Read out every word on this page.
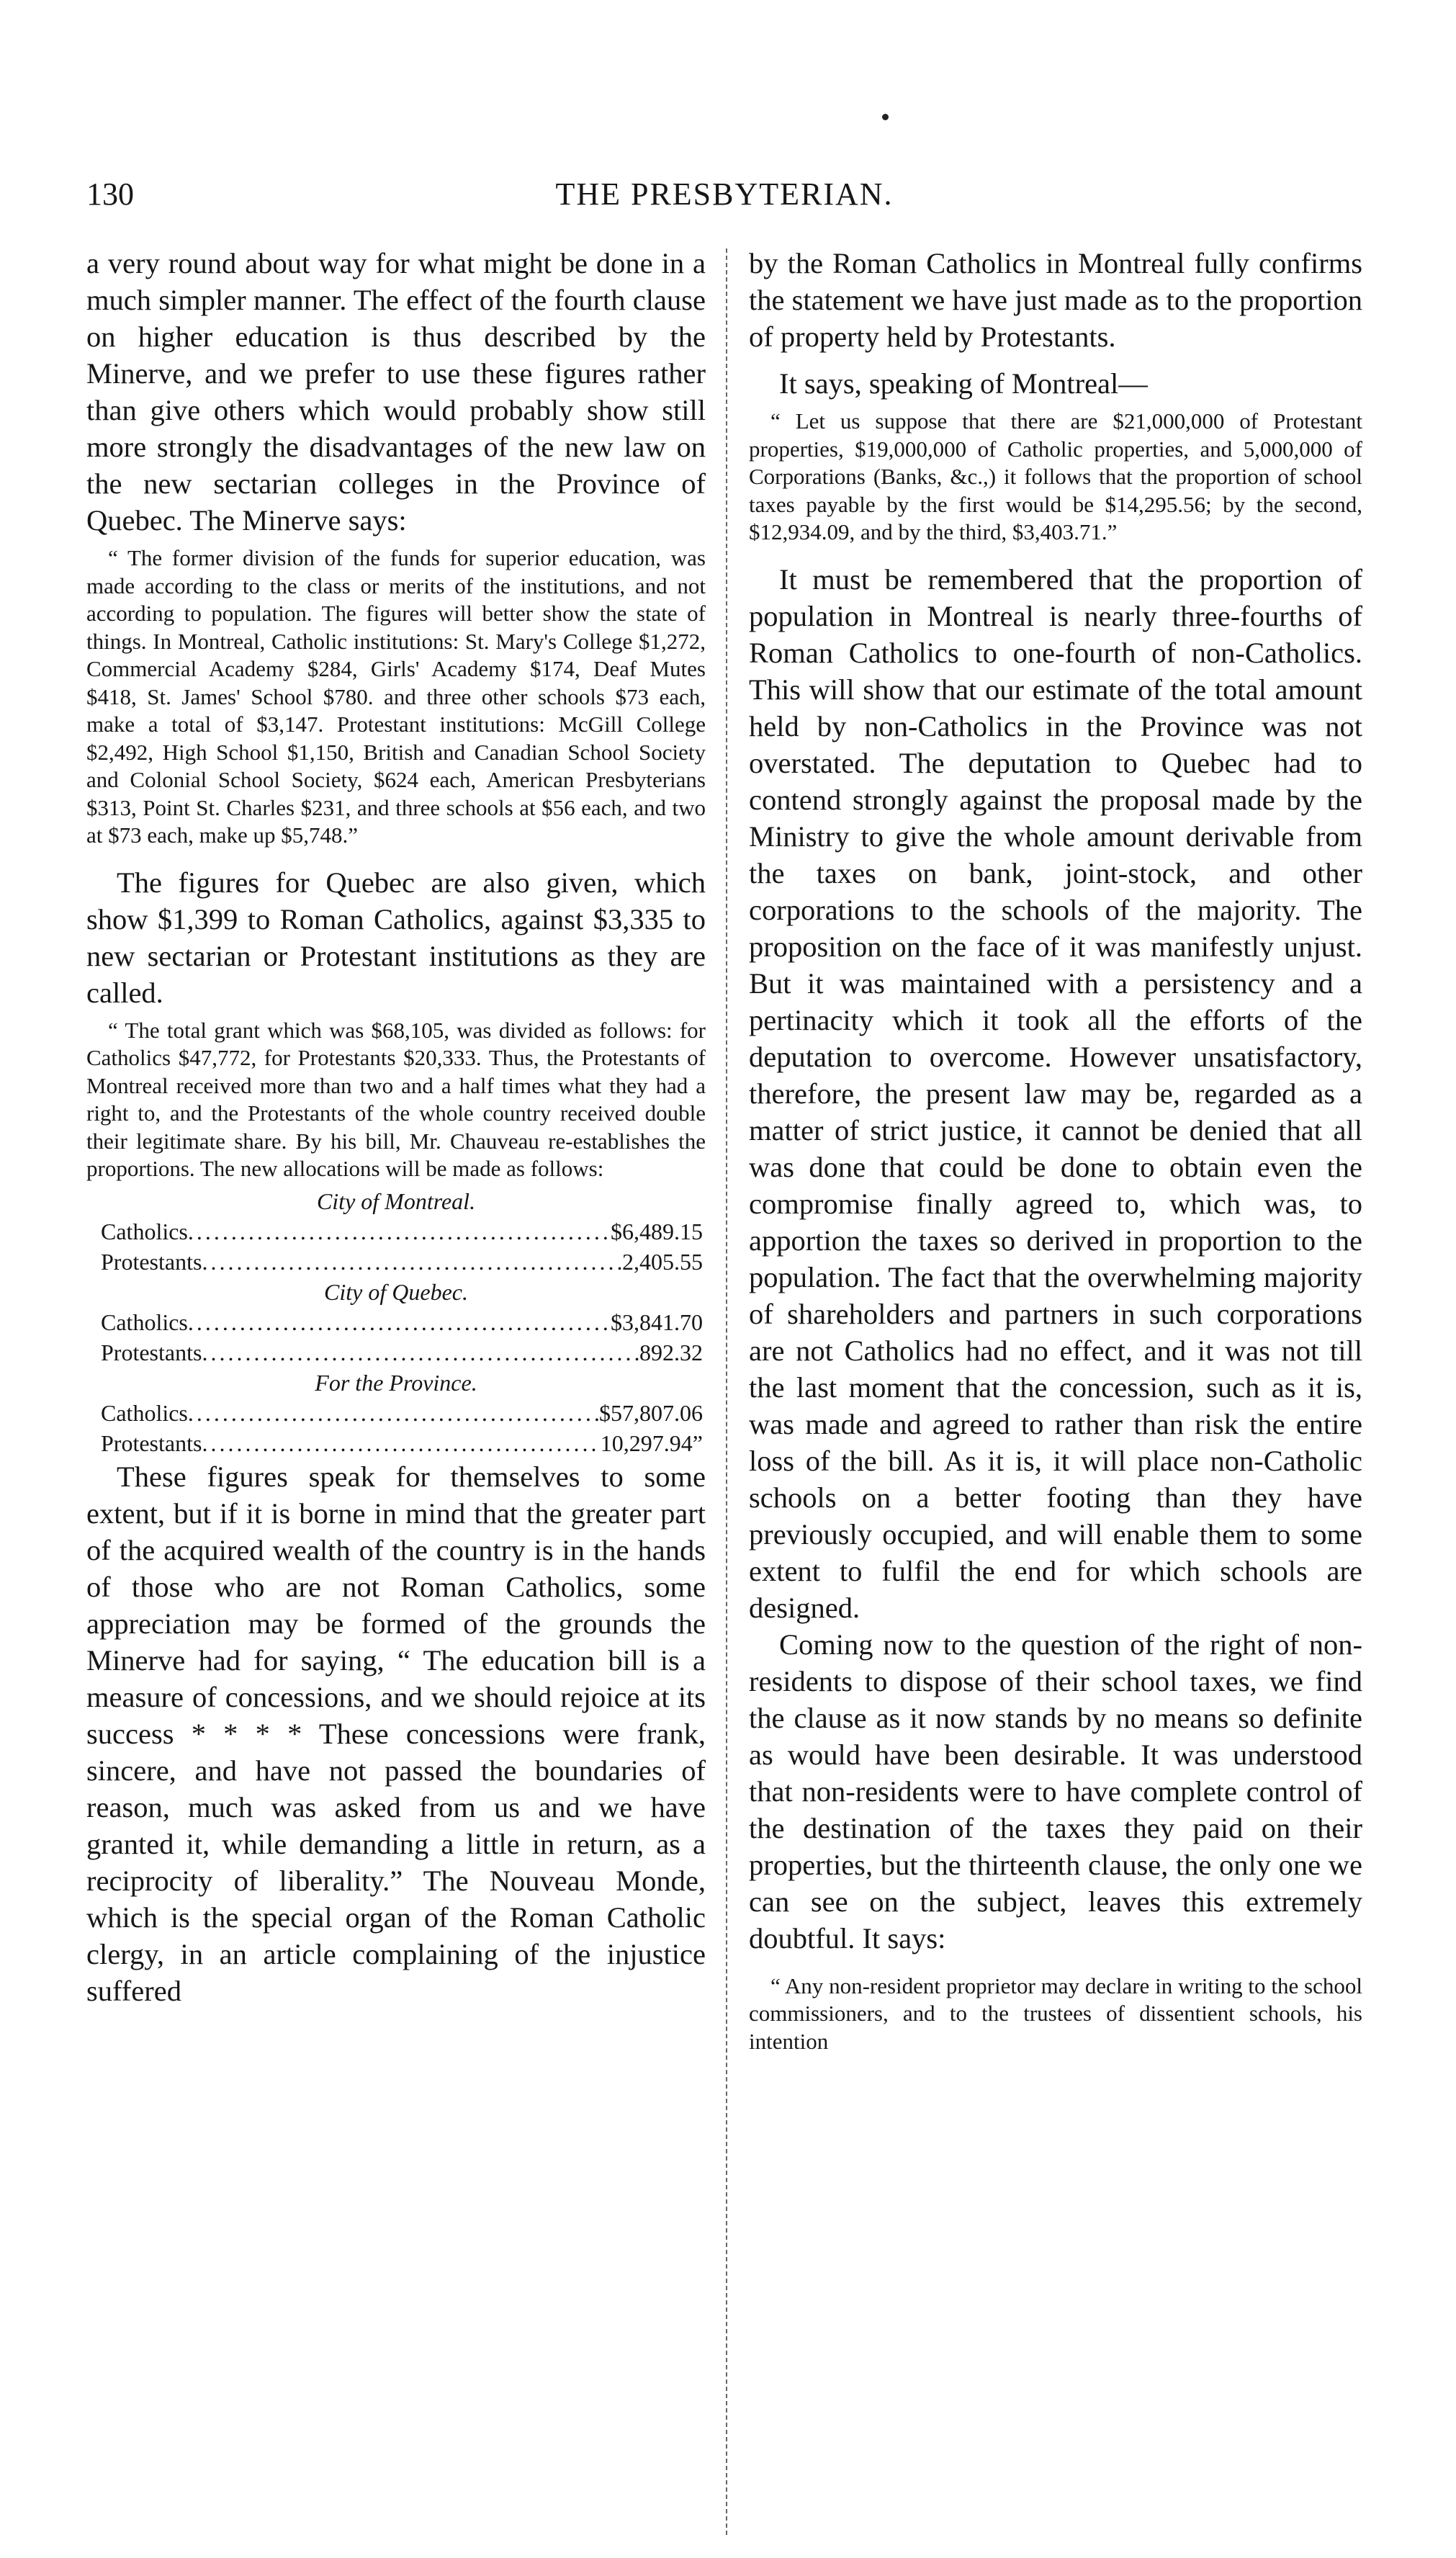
130	THE PRESBYTERIAN.

a very round about way for what might be done in a much simpler manner. The effect of the fourth clause on higher education is thus described by the Minerve, and we prefer to use these figures rather than give others which would probably show still more strongly the disadvantages of the new law on the new sectarian colleges in the Province of Quebec. The Minerve says:

“ The former division of the funds for superior education, was made according to the class or merits of the institutions, and not according to population. The figures will better show the state of things. In Montreal, Catholic institutions: St. Mary's College $1,272, Commercial Academy $284, Girls' Academy $174, Deaf Mutes $418, St. James' School $780. and three other schools $73 each, make a total of $3,147. Protestant institutions: McGill College $2,492, High School $1,150, British and Canadian School Society and Colonial School Society, $624 each, American Presbyterians $313, Point St. Charles $231, and three schools at $56 each, and two at $73 each, make up $5,748.”

The figures for Quebec are also given, which show $1,399 to Roman Catholics, against $3,335 to new sectarian or Protestant institutions as they are called.

“ The total grant which was $68,105, was divided as follows: for Catholics $47,772, for Protestants $20,333. Thus, the Protestants of Montreal received more than two and a half times what they had a right to, and the Protestants of the whole country received double their legitimate share. By his bill, Mr. Chauveau re-establishes the proportions. The new allocations will be made as follows:

City of Montreal.
Catholics .....	$6,489.15
Protestants .....	2,405.55
City of Quebec.
Catholics .....	$3,841.70
Protestants .....	892.32
For the Province.
Catholics .....	$57,807.06
Protestants .....	10,297.94”

These figures speak for themselves to some extent, but if it is borne in mind that the greater part of the acquired wealth of the country is in the hands of those who are not Roman Catholics, some appreciation may be formed of the grounds the Minerve had for saying, “ The education bill is a measure of concessions, and we should rejoice at its success * * * * These concessions were frank, sincere, and have not passed the boundaries of reason, much was asked from us and we have granted it, while demanding a little in return, as a reciprocity of liberality.” The Nouveau Monde, which is the special organ of the Roman Catholic clergy, in an article complaining of the injustice suffered

by the Roman Catholics in Montreal fully confirms the statement we have just made as to the proportion of property held by Protestants.

It says, speaking of Montreal—

“ Let us suppose that there are $21,000,000 of Protestant properties, $19,000,000 of Catholic properties, and 5,000,000 of Corporations (Banks, &c.,) it follows that the proportion of school taxes payable by the first would be $14,295.56; by the second, $12,934.09, and by the third, $3,403.71.”

It must be remembered that the proportion of population in Montreal is nearly three-fourths of Roman Catholics to one-fourth of non-Catholics. This will show that our estimate of the total amount held by non-Catholics in the Province was not overstated. The deputation to Quebec had to contend strongly against the proposal made by the Ministry to give the whole amount derivable from the taxes on bank, joint-stock, and other corporations to the schools of the majority. The proposition on the face of it was manifestly unjust. But it was maintained with a persistency and a pertinacity which it took all the efforts of the deputation to overcome. However unsatisfactory, therefore, the present law may be, regarded as a matter of strict justice, it cannot be denied that all was done that could be done to obtain even the compromise finally agreed to, which was, to apportion the taxes so derived in proportion to the population. The fact that the overwhelming majority of shareholders and partners in such corporations are not Catholics had no effect, and it was not till the last moment that the concession, such as it is, was made and agreed to rather than risk the entire loss of the bill. As it is, it will place non-Catholic schools on a better footing than they have previously occupied, and will enable them to some extent to fulfil the end for which schools are designed.

Coming now to the question of the right of non-residents to dispose of their school taxes, we find the clause as it now stands by no means so definite as would have been desirable. It was understood that non-residents were to have complete control of the destination of the taxes they paid on their properties, but the thirteenth clause, the only one we can see on the subject, leaves this extremely doubtful. It says:

“ Any non-resident proprietor may declare in writing to the school commissioners, and to the trustees of dissentient schools, his intention
